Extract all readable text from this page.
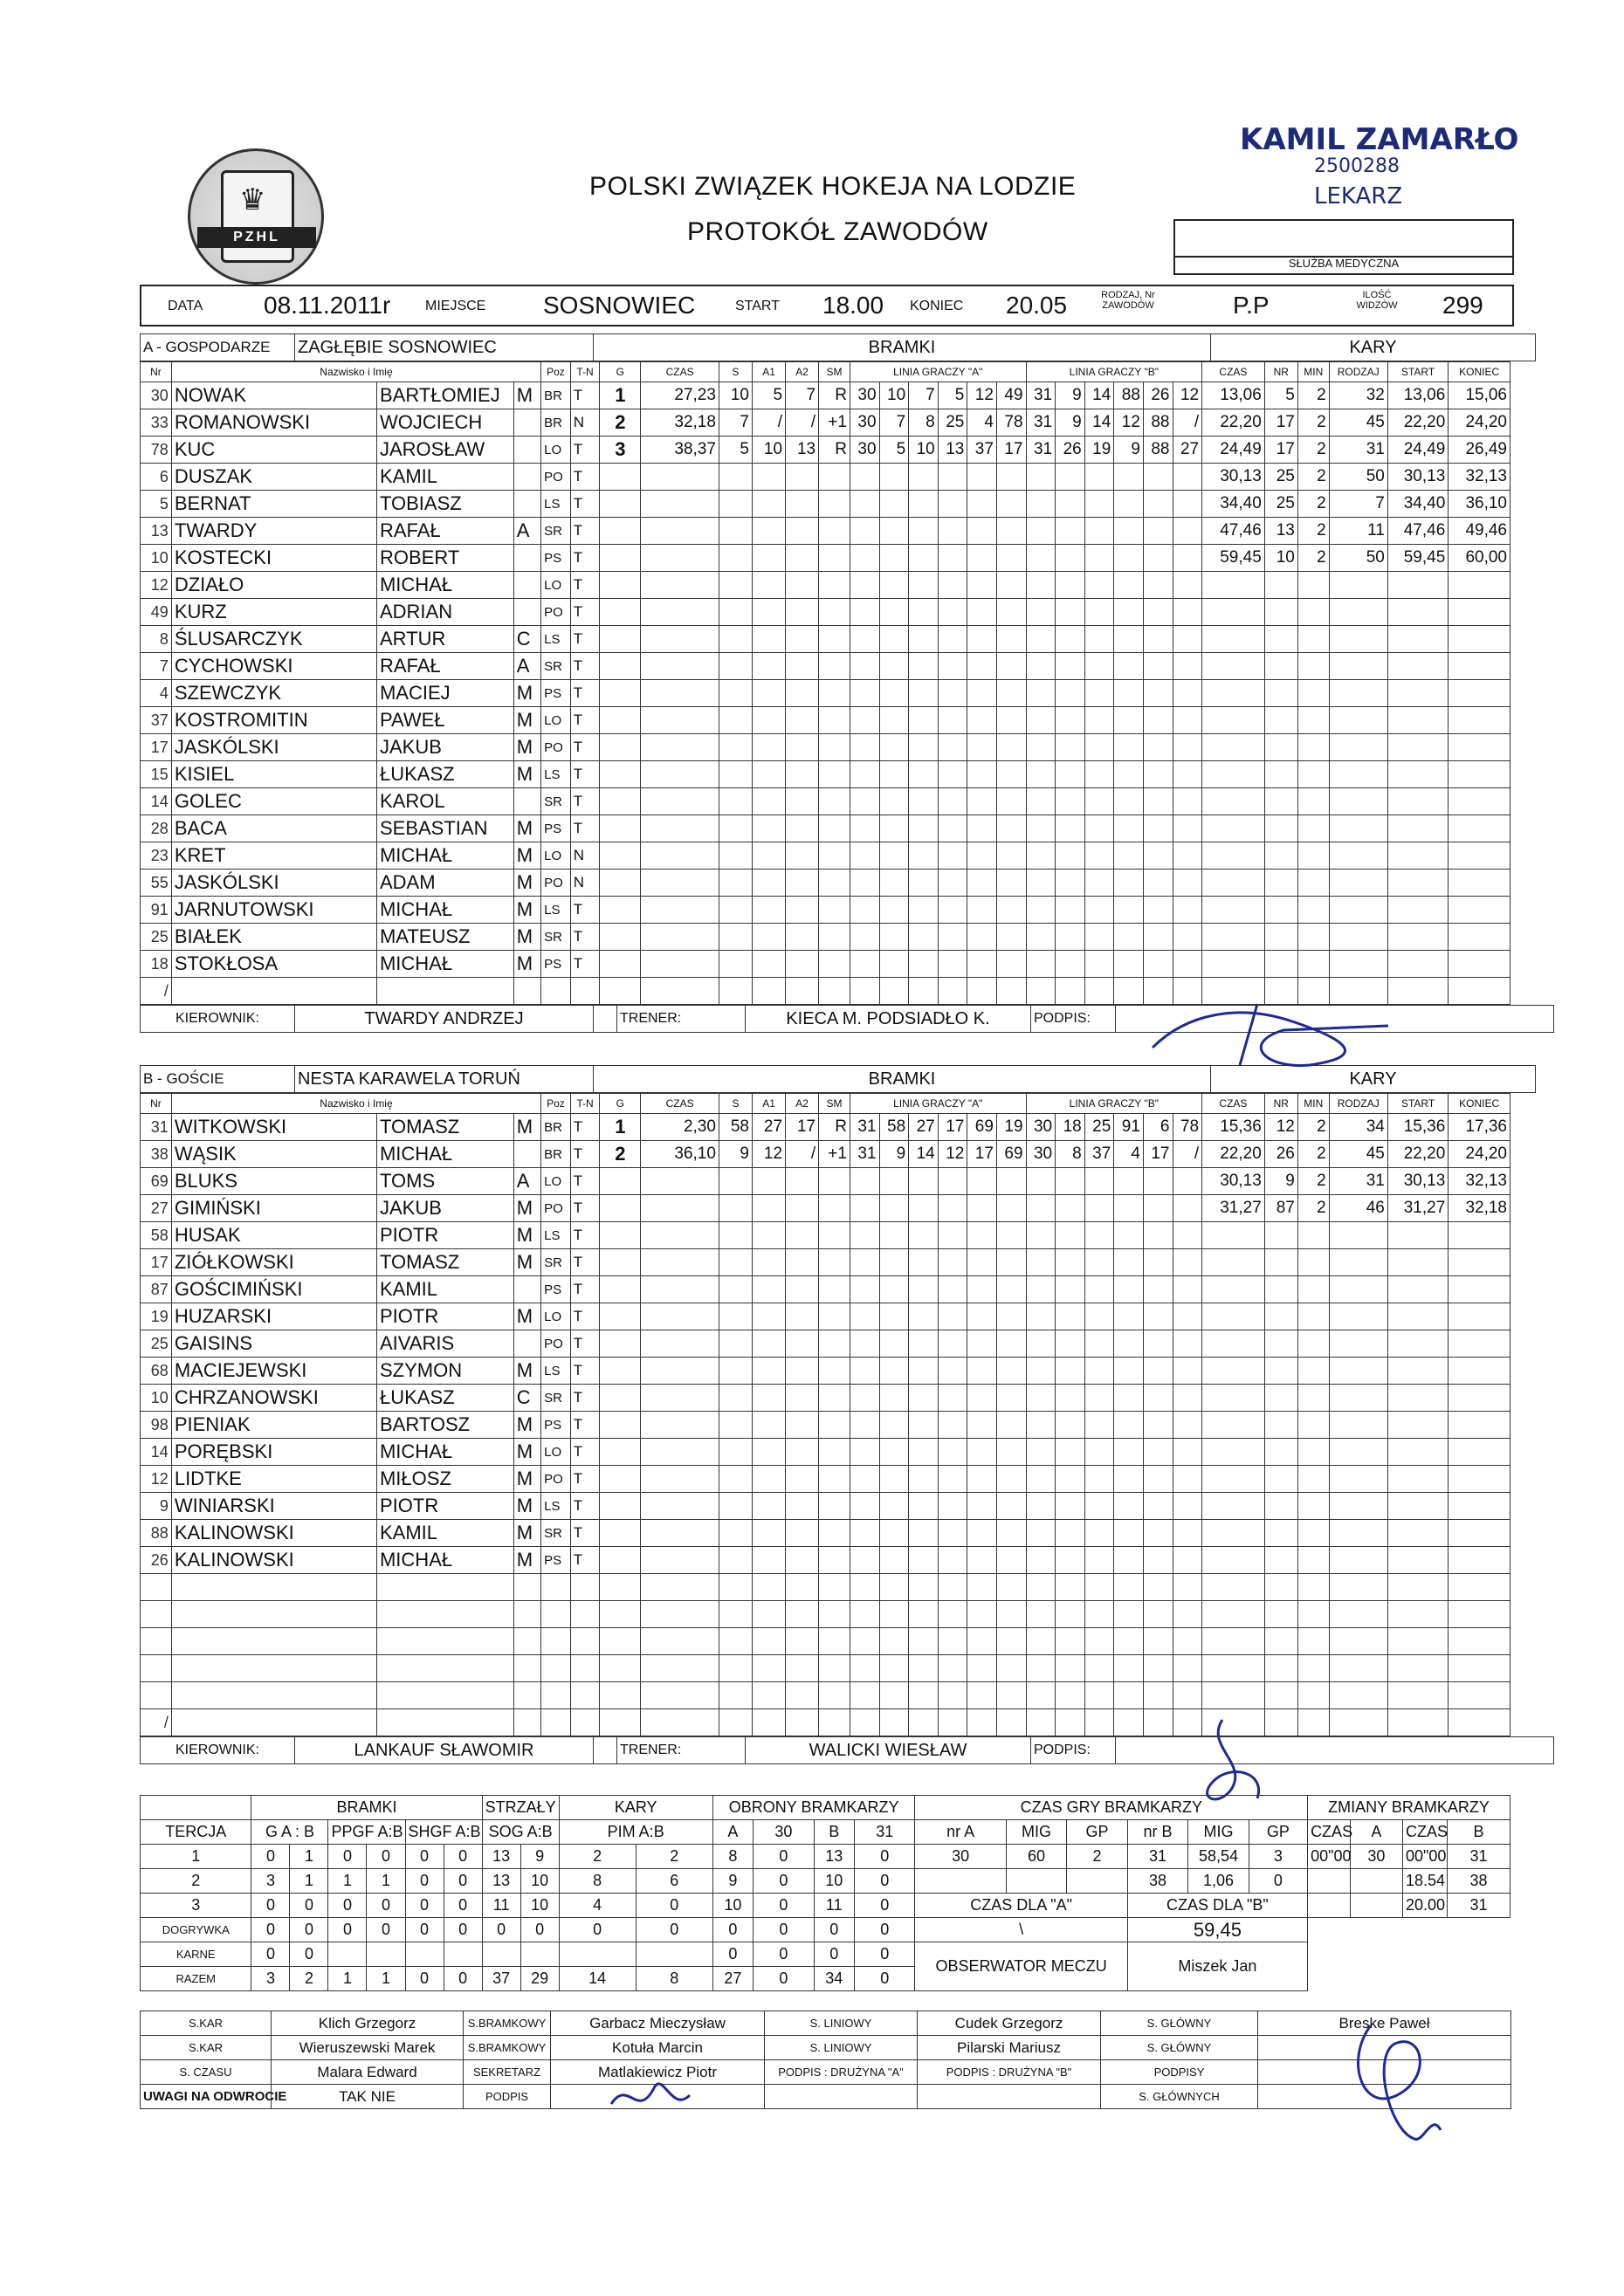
♛
PZHL
POLSKI ZWIĄZEK HOKEJA NA LODZIE
PROTOKÓŁ ZAWODÓW
KAMIL ZAMARŁO
2500288
LEKARZ
SŁUŻBA MEDYCZNA
DATA 08.11.2011r MIEJSCE SOSNOWIEC	START 18.00 KONIEC 20.05	RODZAJ, Nr ZAWODÓW	P.P	ILOŚĆ WIDZÓW	299
A - GOSPODARZE	ZAGŁĘBIE SOSNOWIEC	BRAMKI	KARY
Nr	Nazwisko i Imię			Poz	T-N	G	CZAS	S	A1	A2	SM	LINIA GRACZY "A"						LINIA GRACZY "B"						CZAS	NR	MIN	RODZAJ	START	KONIEC
30	NOWAK	BARTŁOMIEJ	M	BR	T	1	27,23	10	5	7	R	30	10	7	5	12	49	31	9	14	88	26	12	13,06	5	2	32	13,06	15,06
33	ROMANOWSKI	WOJCIECH		BR	N	2	32,18	7	/	/	+1	30	7	8	25	4	78	31	9	14	12	88	/	22,20	17	2	45	22,20	24,20
78	KUC	JAROSŁAW		LO	T	3	38,37	5	10	13	R	30	5	10	13	37	17	31	26	19	9	88	27	24,49	17	2	31	24,49	26,49
6	DUSZAK	KAMIL		PO	T																			30,13	25	2	50	30,13	32,13
5	BERNAT	TOBIASZ		LS	T																			34,40	25	2	7	34,40	36,10
13	TWARDY	RAFAŁ	A	SR	T																			47,46	13	2	11	47,46	49,46
10	KOSTECKI	ROBERT		PS	T																			59,45	10	2	50	59,45	60,00
12	DZIAŁO	MICHAŁ		LO	T																								
49	KURZ	ADRIAN		PO	T																								
8	ŚLUSARCZYK	ARTUR	C	LS	T																								
7	CYCHOWSKI	RAFAŁ	A	SR	T																								
4	SZEWCZYK	MACIEJ	M	PS	T																								
37	KOSTROMITIN	PAWEŁ	M	LO	T																								
17	JASKÓLSKI	JAKUB	M	PO	T																								
15	KISIEL	ŁUKASZ	M	LS	T																								
14	GOLEC	KAROL		SR	T																								
28	BACA	SEBASTIAN	M	PS	T																								
23	KRET	MICHAŁ	M	LO	N																								
55	JASKÓLSKI	ADAM	M	PO	N																								
91	JARNUTOWSKI	MICHAŁ	M	LS	T																								
25	BIAŁEK	MATEUSZ	M	SR	T																								
18	STOKŁOSA	MICHAŁ	M	PS	T																								
/																													
KIEROWNIK:	TWARDY ANDRZEJ		TRENER:	KIECA M. PODSIADŁO K.	PODPIS:	
B - GOŚCIE	NESTA KARAWELA TORUŃ	BRAMKI	KARY
Nr	Nazwisko i Imię			Poz	T-N	G	CZAS	S	A1	A2	SM	LINIA GRACZY "A"						LINIA GRACZY "B"						CZAS	NR	MIN	RODZAJ	START	KONIEC
31	WITKOWSKI	TOMASZ	M	BR	T	1	2,30	58	27	17	R	31	58	27	17	69	19	30	18	25	91	6	78	15,36	12	2	34	15,36	17,36
38	WĄSIK	MICHAŁ		BR	T	2	36,10	9	12	/	+1	31	9	14	12	17	69	30	8	37	4	17	/	22,20	26	2	45	22,20	24,20
69	BLUKS	TOMS	A	LO	T																			30,13	9	2	31	30,13	32,13
27	GIMIŃSKI	JAKUB	M	PO	T																			31,27	87	2	46	31,27	32,18
58	HUSAK	PIOTR	M	LS	T																								
17	ZIÓŁKOWSKI	TOMASZ	M	SR	T																								
87	GOŚCIMIŃSKI	KAMIL		PS	T																								
19	HUZARSKI	PIOTR	M	LO	T																								
25	GAISINS	AIVARIS		PO	T																								
68	MACIEJEWSKI	SZYMON	M	LS	T																								
10	CHRZANOWSKI	ŁUKASZ	C	SR	T																								
98	PIENIAK	BARTOSZ	M	PS	T																								
14	PORĘBSKI	MICHAŁ	M	LO	T																								
12	LIDTKE	MIŁOSZ	M	PO	T																								
9	WINIARSKI	PIOTR	M	LS	T																								
88	KALINOWSKI	KAMIL	M	SR	T																								
26	KALINOWSKI	MICHAŁ	M	PS	T																								

/																													
KIEROWNIK:	LANKAUF SŁAWOMIR		TRENER:	WALICKI WIESŁAW	PODPIS:	
	BRAMKI						STRZAŁY		KARY		OBRONY BRAMKARZY				CZAS GRY BRAMKARZY						ZMIANY BRAMKARZY			
TERCJA	G A : B		PPGF A:B		SHGF A:B		SOG A:B		PIM A:B		A	30	B	31	nr A	MIG	GP	nr B	MIG	GP	CZAS	A	CZAS	B
1	0	1	0	0	0	0	13	9	2	2	8	0	13	0	30	60	2	31	58,54	3	00"00	30	00"00	31
2	3	1	1	1	0	0	13	10	8	6	9	0	10	0				38	1,06	0			18.54	38
3	0	0	0	0	0	0	11	10	4	0	10	0	11	0	CZAS DLA "A"			CZAS DLA "B"					20.00	31
DOGRYWKA	0	0	0	0	0	0	0	0	0	0	0	0	0	0	\			59,45						
KARNE	0	0									0	0	0	0	OBSERWATOR MECZU			Miszek Jan						
RAZEM	3	2	1	1	0	0	37	29	14	8	27	0	34	0										
S.KAR	Klich Grzegorz	S.BRAMKOWY	Garbacz Mieczysław	S. LINIOWY	Cudek Grzegorz	S. GŁÓWNY	Breske Paweł
S.KAR	Wieruszewski Marek	S.BRAMKOWY	Kotuła Marcin	S. LINIOWY	Pilarski Mariusz	S. GŁÓWNY	
S. CZASU	Malara Edward	SEKRETARZ	Matlakiewicz Piotr	PODPIS : DRUŻYNA "A"	PODPIS : DRUŻYNA "B"	PODPISY	
UWAGI NA ODWROCIE	TAK NIE	PODPIS				S. GŁÓWNYCH	
